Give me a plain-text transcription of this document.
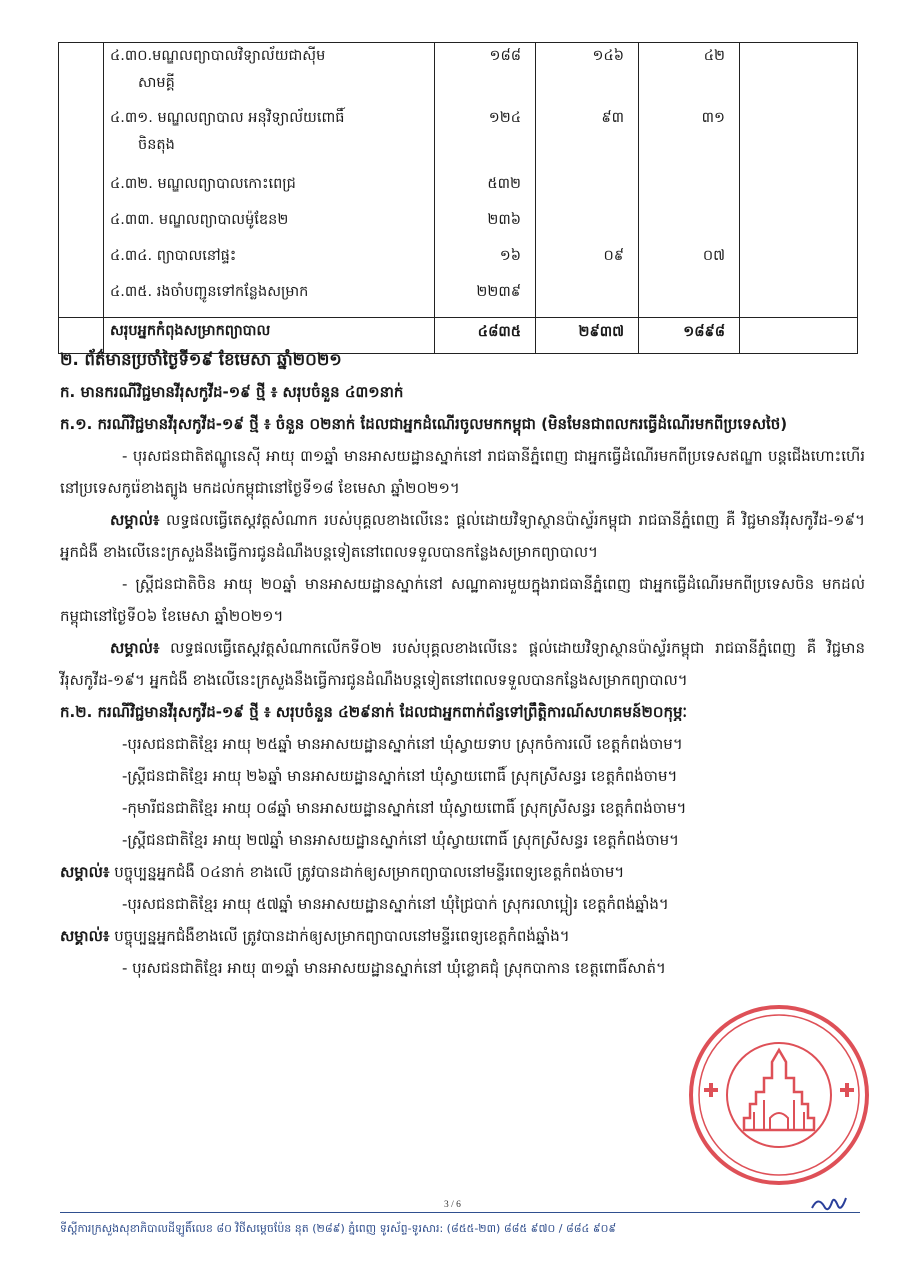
	៤.៣០.មណ្ឌលព្យាបាលវិទ្យាល័យជាស៊ីម
សាមគ្គី	១៨៨	១៤៦	៤២	
	៤.៣១. មណ្ឌលព្យាបាល អនុវិទ្យាល័យពោធិ៍
ចិនតុង	១២៤	៩៣	៣១	
	៤.៣២. មណ្ឌលព្យាបាលកោះពេជ្រ	៥៣២			
	៤.៣៣. មណ្ឌលព្យាបាលម៉ូឌែន២	២៣៦			
	៤.៣៤. ព្យាបាលនៅផ្ទះ	១៦	០៩	០៧	
	៤.៣៥. រងចាំបញ្ជូនទៅកន្លែងសម្រាក	២២៣៩			
	សរុបអ្នកកំពុងសម្រាកព្យាបាល	៤៨៣៥	២៩៣៧	១៨៩៨	

២. ព័ត៌មានប្រចាំថ្ងៃទី១៩ ខែមេសា ឆ្នាំ២០២១

ក. មានករណីវិជ្ជមានវីរុសកូវីដ-១៩ ថ្មី ៖ សរុបចំនួន ៤៣១នាក់

ក.១. ករណីវិជ្ជមានវីរុសកូវីដ-១៩ ថ្មី ៖ ចំនួន ០២នាក់ ដែលជាអ្នកដំណើរចូលមកកម្ពុជា (មិនមែនជាពលករធ្វើដំណើរមកពីប្រទេសថៃ)

- បុរសជនជាតិឥណ្ឌូនេស៊ី អាយុ ៣១ឆ្នាំ មានអាសយដ្ឋានស្នាក់នៅ រាជធានីភ្នំពេញ ជាអ្នកធ្វើដំណើរមកពីប្រទេសឥណ្ឌា បន្តជើងហោះហើរនៅប្រទេសកូរ៉េខាងត្បូង មកដល់កម្ពុជានៅថ្ងៃទី១៨ ខែមេសា ឆ្នាំ២០២១។

សម្គាល់៖ លទ្ធផលធ្វើតេស្តវត្តសំណាក របស់បុគ្គលខាងលើនេះ ផ្តល់ដោយវិទ្យាស្ថានប៉ាស្ទ័រកម្ពុជា រាជធានីភ្នំពេញ គឺ វិជ្ជមានវីរុសកូវីដ-១៩។ អ្នកជំងឺ ខាងលើនេះក្រសួងនឹងធ្វើការជូនដំណឹងបន្តទៀតនៅពេលទទួលបានកន្លែងសម្រាកព្យាបាល។

- ស្ត្រីជនជាតិចិន អាយុ ២០ឆ្នាំ មានអាសយដ្ឋានស្នាក់នៅ សណ្ឋាគារមួយក្នុងរាជធានីភ្នំពេញ ជាអ្នកធ្វើដំណើរមកពីប្រទេសចិន មកដល់កម្ពុជានៅថ្ងៃទី០៦ ខែមេសា ឆ្នាំ២០២១។

សម្គាល់៖ លទ្ធផលធ្វើតេស្តវត្តសំណាកលើកទី០២ របស់បុគ្គលខាងលើនេះ ផ្តល់ដោយវិទ្យាស្ថានប៉ាស្ទ័រកម្ពុជា រាជធានីភ្នំពេញ គឺ វិជ្ជមានវីរុសកូវីដ-១៩។ អ្នកជំងឺ ខាងលើនេះក្រសួងនឹងធ្វើការជូនដំណឹងបន្តទៀតនៅពេលទទួលបានកន្លែងសម្រាកព្យាបាល។

ក.២. ករណីវិជ្ជមានវីរុសកូវីដ-១៩ ថ្មី ៖ សរុបចំនួន ៤២៩នាក់ ដែលជាអ្នកពាក់ព័ន្ធទៅព្រឹត្តិការណ៍សហគមន៍២០កុម្ភៈ

-បុរសជនជាតិខ្មែរ អាយុ ២៥ឆ្នាំ មានអាសយដ្ឋានស្នាក់នៅ ឃុំស្វាយទាប ស្រុកចំការលើ ខេត្តកំពង់ចាម។

-ស្ត្រីជនជាតិខ្មែរ អាយុ ២៦ឆ្នាំ មានអាសយដ្ឋានស្នាក់នៅ ឃុំស្វាយពោធិ៍ ស្រុកស្រីសន្ធរ ខេត្តកំពង់ចាម។

-កុមារីជនជាតិខ្មែរ អាយុ ០៨ឆ្នាំ មានអាសយដ្ឋានស្នាក់នៅ ឃុំស្វាយពោធិ៍ ស្រុកស្រីសន្ធរ ខេត្តកំពង់ចាម។

-ស្ត្រីជនជាតិខ្មែរ អាយុ ២៧ឆ្នាំ មានអាសយដ្ឋានស្នាក់នៅ ឃុំស្វាយពោធិ៍ ស្រុកស្រីសន្ធរ ខេត្តកំពង់ចាម។

សម្គាល់៖ បច្ចុប្បន្នអ្នកជំងឺ ០៤នាក់ ខាងលើ ត្រូវបានដាក់ឲ្យសម្រាកព្យាបាលនៅមន្ទីរពេទ្យខេត្តកំពង់ចាម។

-បុរសជនជាតិខ្មែរ អាយុ ៥៧ឆ្នាំ មានអាសយដ្ឋានស្នាក់នៅ ឃុំជ្រៃបាក់ ស្រុករលាប្អៀរ ខេត្តកំពង់ឆ្នាំង។

សម្គាល់៖ បច្ចុប្បន្នអ្នកជំងឺខាងលើ ត្រូវបានដាក់ឲ្យសម្រាកព្យាបាលនៅមន្ទីរពេទ្យខេត្តកំពង់ឆ្នាំង។

- បុរសជនជាតិខ្មែរ អាយុ ៣១ឆ្នាំ មានអាសយដ្ឋានស្នាក់នៅ ឃុំខ្លោគជុំ ស្រុកបាកាន ខេត្តពោធិ៍សាត់។

3 / 6
ទីស្តីការក្រសួងសុខាភិបាលដីឡូតិ៍លេខ ៨០ វិថីសម្តេចប៉ែន នុត (២៨៩) ភ្នំពេញ ទូរស័ព្ទ-ទូរសារ: (៨៥៥-២៣) ៨៨៥ ៩៧០ / ៨៨៤ ៩០៩
